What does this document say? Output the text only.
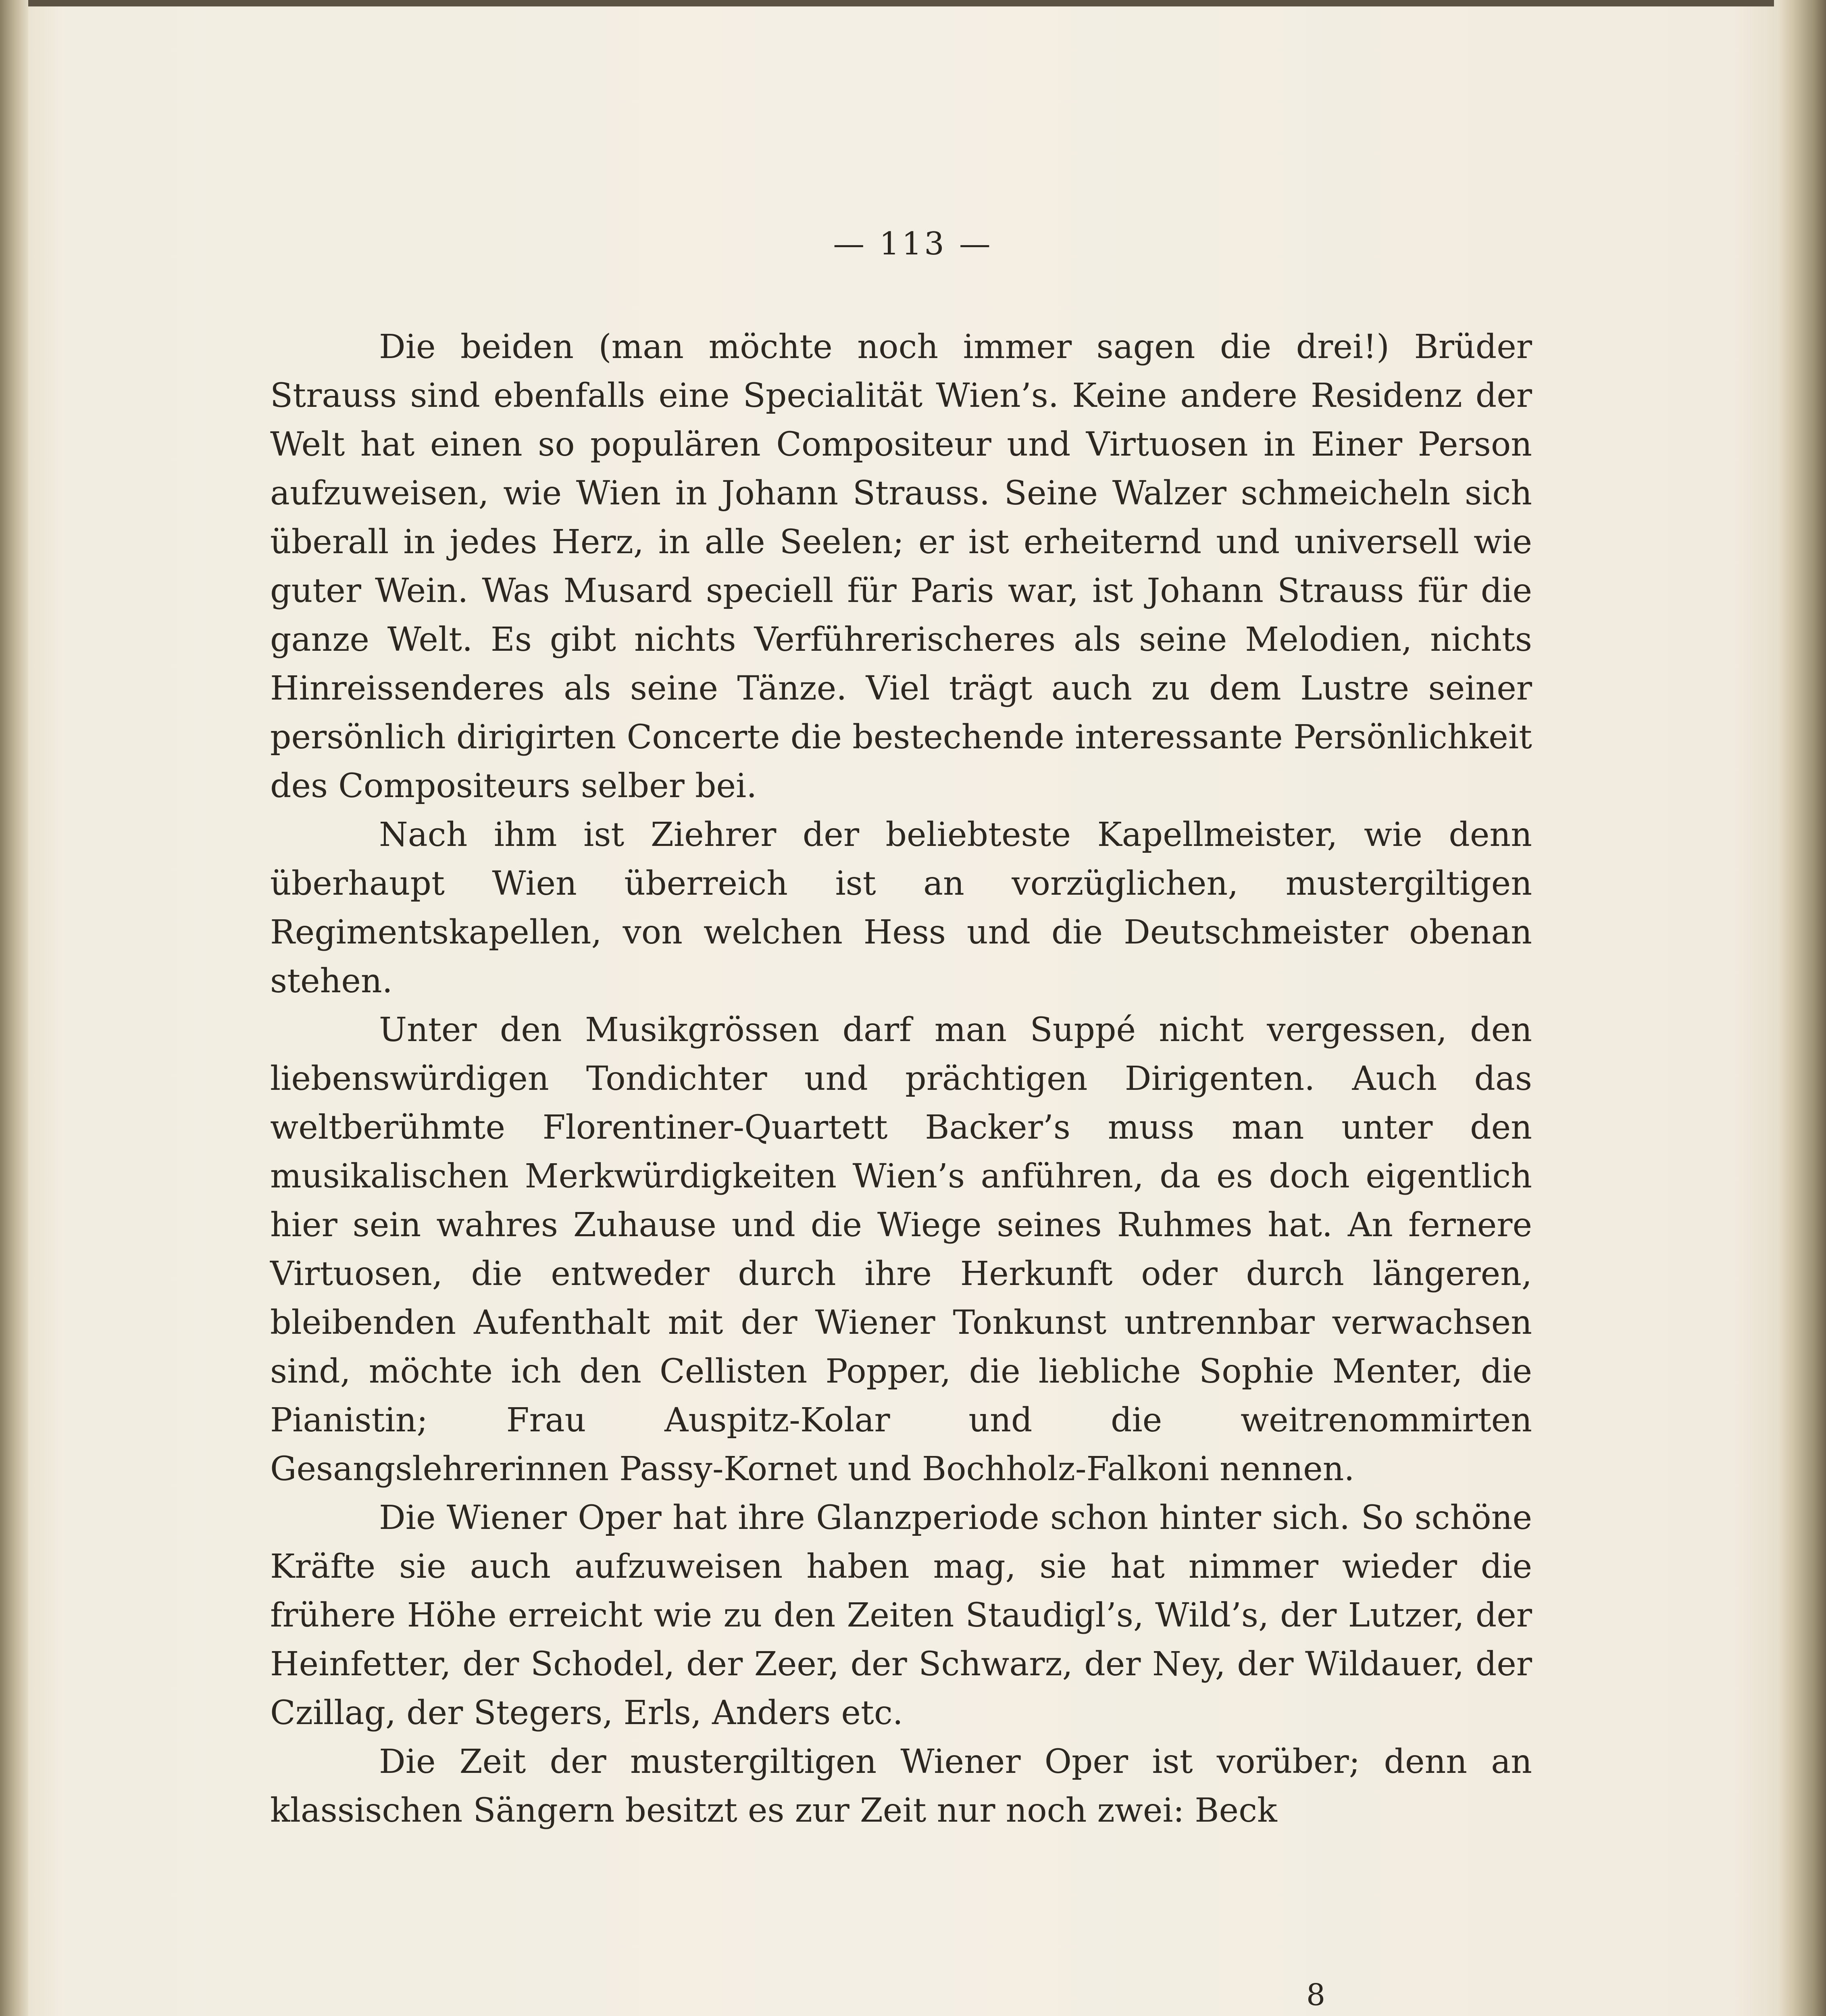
— 113 —

Die beiden (man möchte noch immer sagen die drei!) Brüder Strauss sind ebenfalls eine Specialität Wien’s. Keine andere Residenz der Welt hat einen so populären Compositeur und Virtuosen in Einer Person aufzuweisen, wie Wien in Johann Strauss. Seine Walzer schmeicheln sich überall in jedes Herz, in alle Seelen; er ist erheiternd und universell wie guter Wein. Was Musard speciell für Paris war, ist Johann Strauss für die ganze Welt. Es gibt nichts Verführerischeres als seine Melodien, nichts Hinreissenderes als seine Tänze. Viel trägt auch zu dem Lustre seiner persönlich dirigirten Concerte die bestechende interessante Persönlichkeit des Compositeurs selber bei.

Nach ihm ist Ziehrer der beliebteste Kapellmeister, wie denn überhaupt Wien überreich ist an vorzüglichen, mustergiltigen Regimentskapellen, von welchen Hess und die Deutschmeister obenan stehen.

Unter den Musikgrössen darf man Suppé nicht vergessen, den liebenswürdigen Tondichter und prächtigen Dirigenten. Auch das weltberühmte Florentiner-Quartett Backer’s muss man unter den musikalischen Merkwürdigkeiten Wien’s anführen, da es doch eigentlich hier sein wahres Zuhause und die Wiege seines Ruhmes hat. An fernere Virtuosen, die entweder durch ihre Herkunft oder durch längeren, bleibenden Aufenthalt mit der Wiener Tonkunst untrennbar verwachsen sind, möchte ich den Cellisten Popper, die liebliche Sophie Menter, die Pianistin; Frau Auspitz-Kolar und die weitrenommirten Gesangslehrerinnen Passy-Kornet und Bochholz-Falkoni nennen.

Die Wiener Oper hat ihre Glanzperiode schon hinter sich. So schöne Kräfte sie auch aufzuweisen haben mag, sie hat nimmer wieder die frühere Höhe erreicht wie zu den Zeiten Staudigl’s, Wild’s, der Lutzer, der Heinfetter, der Schodel, der Zeer, der Schwarz, der Ney, der Wildauer, der Czillag, der Stegers, Erls, Anders etc.

Die Zeit der mustergiltigen Wiener Oper ist vorüber; denn an klassischen Sängern besitzt es zur Zeit nur noch zwei: Beck

8
